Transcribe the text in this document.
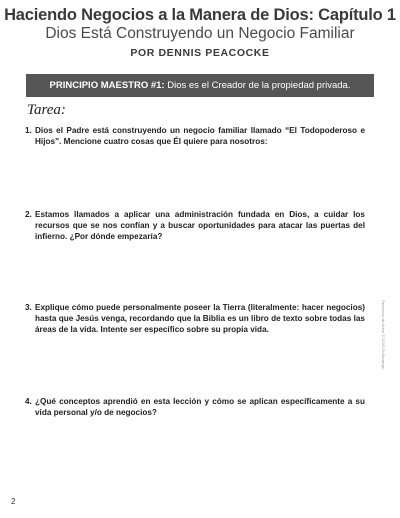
Haciendo Negocios a la Manera de Dios: Capítulo 1
Dios Está Construyendo un Negocio Familiar
POR DENNIS PEACOCKE
PRINCIPIO MAESTRO #1: Dios es el Creador de la propiedad privada.
Tarea:
1. Dios el Padre está construyendo un negocio familiar llamado “El Todopoderoso e Hijos”. Mencione cuatro cosas que Él quiere para nosotros:
2. Estamos llamados a aplicar una administración fundada en Dios, a cuidar los recursos que se nos confían y a buscar oportunidades para atacar las puertas del infierno. ¿Por dónde empezaría?
3. Explique cómo puede personalmente poseer la Tierra (literalmente: hacer negocios) hasta que Jesús venga, recordando que la Biblia es un libro de texto sobre todas las áreas de la vida. Intente ser específico sobre su propia vida.
4. ¿Qué conceptos aprendió en esta lección y cómo se aplican específicamente a su vida personal y/o de negocios?
Derechos de Autor © 2020 GoStrategic
2
